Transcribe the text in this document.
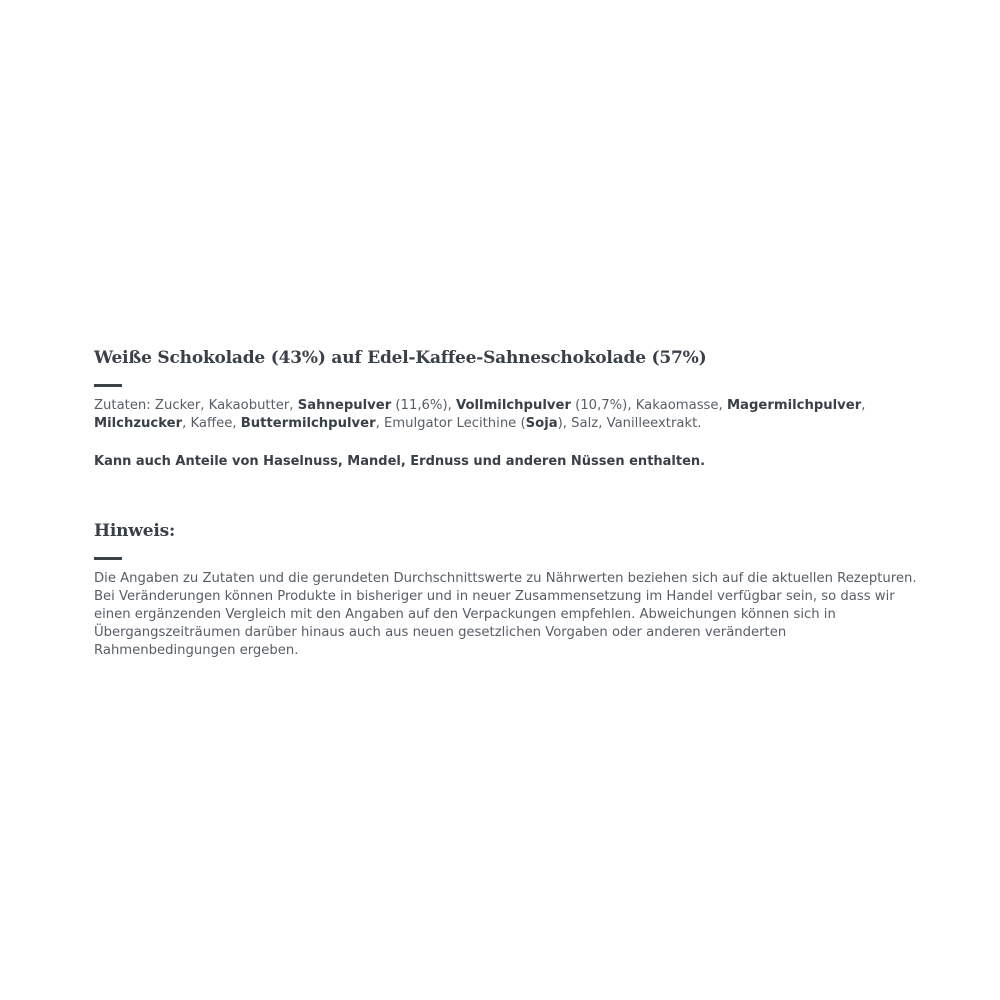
Weiße Schokolade (43%) auf Edel-Kaffee-Sahneschokolade (57%)

Zutaten: Zucker, Kakaobutter, Sahnepulver (11,6%), Vollmilchpulver (10,7%), Kakaomasse, Magermilchpulver, Milchzucker, Kaffee, Buttermilchpulver, Emulgator Lecithine (Soja), Salz, Vanilleextrakt.

Kann auch Anteile von Haselnuss, Mandel, Erdnuss und anderen Nüssen enthalten.

Hinweis:

Die Angaben zu Zutaten und die gerundeten Durchschnittswerte zu Nährwerten beziehen sich auf die aktuellen Rezepturen. Bei Veränderungen können Produkte in bisheriger und in neuer Zusammensetzung im Handel verfügbar sein, so dass wir einen ergänzenden Vergleich mit den Angaben auf den Verpackungen empfehlen. Abweichungen können sich in Übergangszeiträumen darüber hinaus auch aus neuen gesetzlichen Vorgaben oder anderen veränderten Rahmenbedingungen ergeben.
